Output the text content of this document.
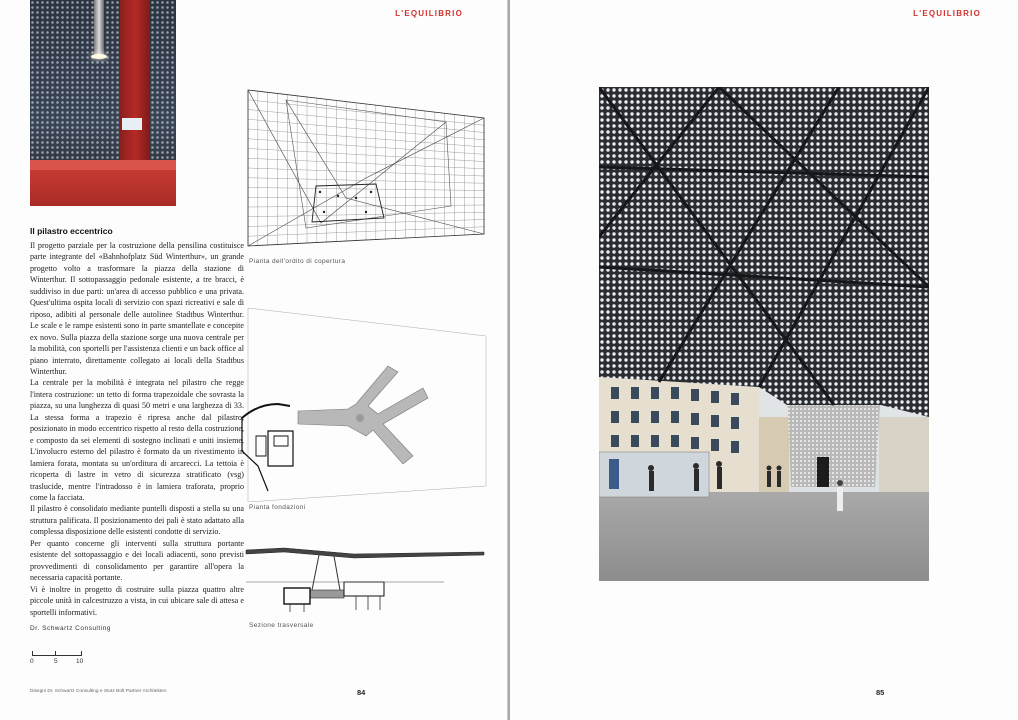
L'EQUILIBRIO
Il pilastro eccentrico

Il progetto parziale per la costruzione della pensilina costituisce parte integrante del «Bahnhofplatz Süd Winterthur», un grande progetto volto a trasformare la piazza della stazione di Winterthur. Il sottopassaggio pedonale esistente, a tre bracci, è suddiviso in due parti: un'area di accesso pubblico e una privata. Quest'ultima ospita locali di servizio con spazi ricreativi e sale di riposo, adibiti al personale delle autolinee Stadtbus Winterthur. Le scale e le rampe esistenti sono in parte smantellate e concepite ex novo. Sulla piazza della stazione sorge una nuova centrale per la mobilità, con sportelli per l'assistenza clienti e un back office al piano interrato, direttamente collegato ai locali della Stadtbus Winterthur.

La centrale per la mobilità è integrata nel pilastro che regge l'intera costruzione: un tetto di forma trapezoidale che sovrasta la piazza, su una lunghezza di quasi 50 metri e una larghezza di 33. La stessa forma a trapezio è ripresa anche dal pilastro, posizionato in modo eccentrico rispetto al resto della costruzione, e composto da sei elementi di sostegno inclinati e uniti insieme. L'involucro esterno del pilastro è formato da un rivestimento in lamiera forata, montata su un'orditura di arcarecci. La tettoia è ricoperta di lastre in vetro di sicurezza stratificato (vsg) traslucide, mentre l'intradosso è in lamiera traforata, proprio come la facciata.

Il pilastro è consolidato mediante puntelli disposti a stella su una struttura palificata. Il posizionamento dei pali è stato adattato alla complessa disposizione delle esistenti condotte di servizio.

Per quanto concerne gli interventi sulla struttura portante esistente del sottopassaggio e dei locali adiacenti, sono previsti provvedimenti di consolidamento per garantire all'opera la necessaria capacità portante.

Vi è inoltre in progetto di costruire sulla piazza quattro altre piccole unità in calcestruzzo a vista, in cui ubicare sale di attesa e sportelli informativi.

Dr. Schwartz Consulting
0	5	10
Disegni Dr. Schwartz Consulting e Stutz Bolt Partner Architekten	84
Pianta dell'ordito di copertura
Pianta fondazioni
Sezione trasversale
L'EQUILIBRIO
85
